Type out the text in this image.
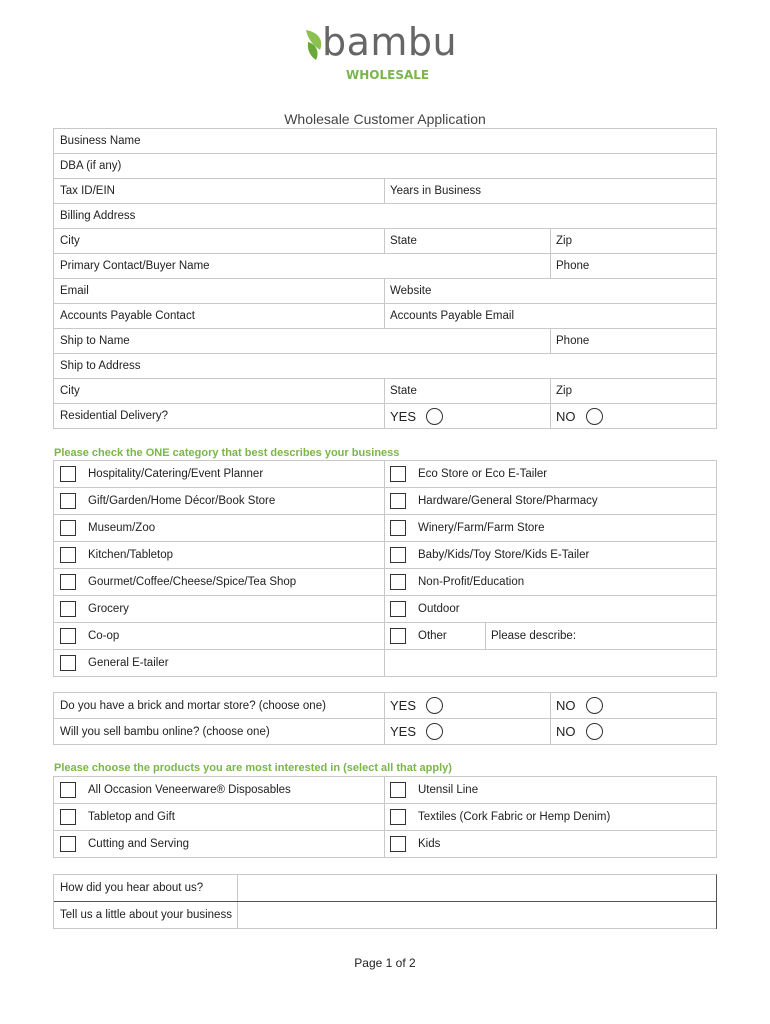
bambu
WHOLESALE
Wholesale Customer Application
Business Name
DBA (if any)
Tax ID/EIN	Years in Business
Billing Address
City	State	Zip
Primary Contact/Buyer Name	Phone
Email	Website
Accounts Payable Contact	Accounts Payable Email
Ship to Name	Phone
Ship to Address
City	State	Zip
Residential Delivery?	YES	NO
Please check the ONE category that best describes your business
Hospitality/Catering/Event Planner	Eco Store or Eco E-Tailer
Gift/Garden/Home Décor/Book Store	Hardware/General Store/Pharmacy
Museum/Zoo	Winery/Farm/Farm Store
Kitchen/Tabletop	Baby/Kids/Toy Store/Kids E-Tailer
Gourmet/Coffee/Cheese/Spice/Tea Shop	Non-Profit/Education
Grocery	Outdoor
Co-op	Other	Please describe:
General E-tailer
Do you have a brick and mortar store? (choose one)	YES	NO
Will you sell bambu online? (choose one)	YES	NO
Please choose the products you are most interested in (select all that apply)
All Occasion Veneerware® Disposables	Utensil Line
Tabletop and Gift	Textiles (Cork Fabric or Hemp Denim)
Cutting and Serving	Kids
How did you hear about us?
Tell us a little about your business
Page 1 of 2
